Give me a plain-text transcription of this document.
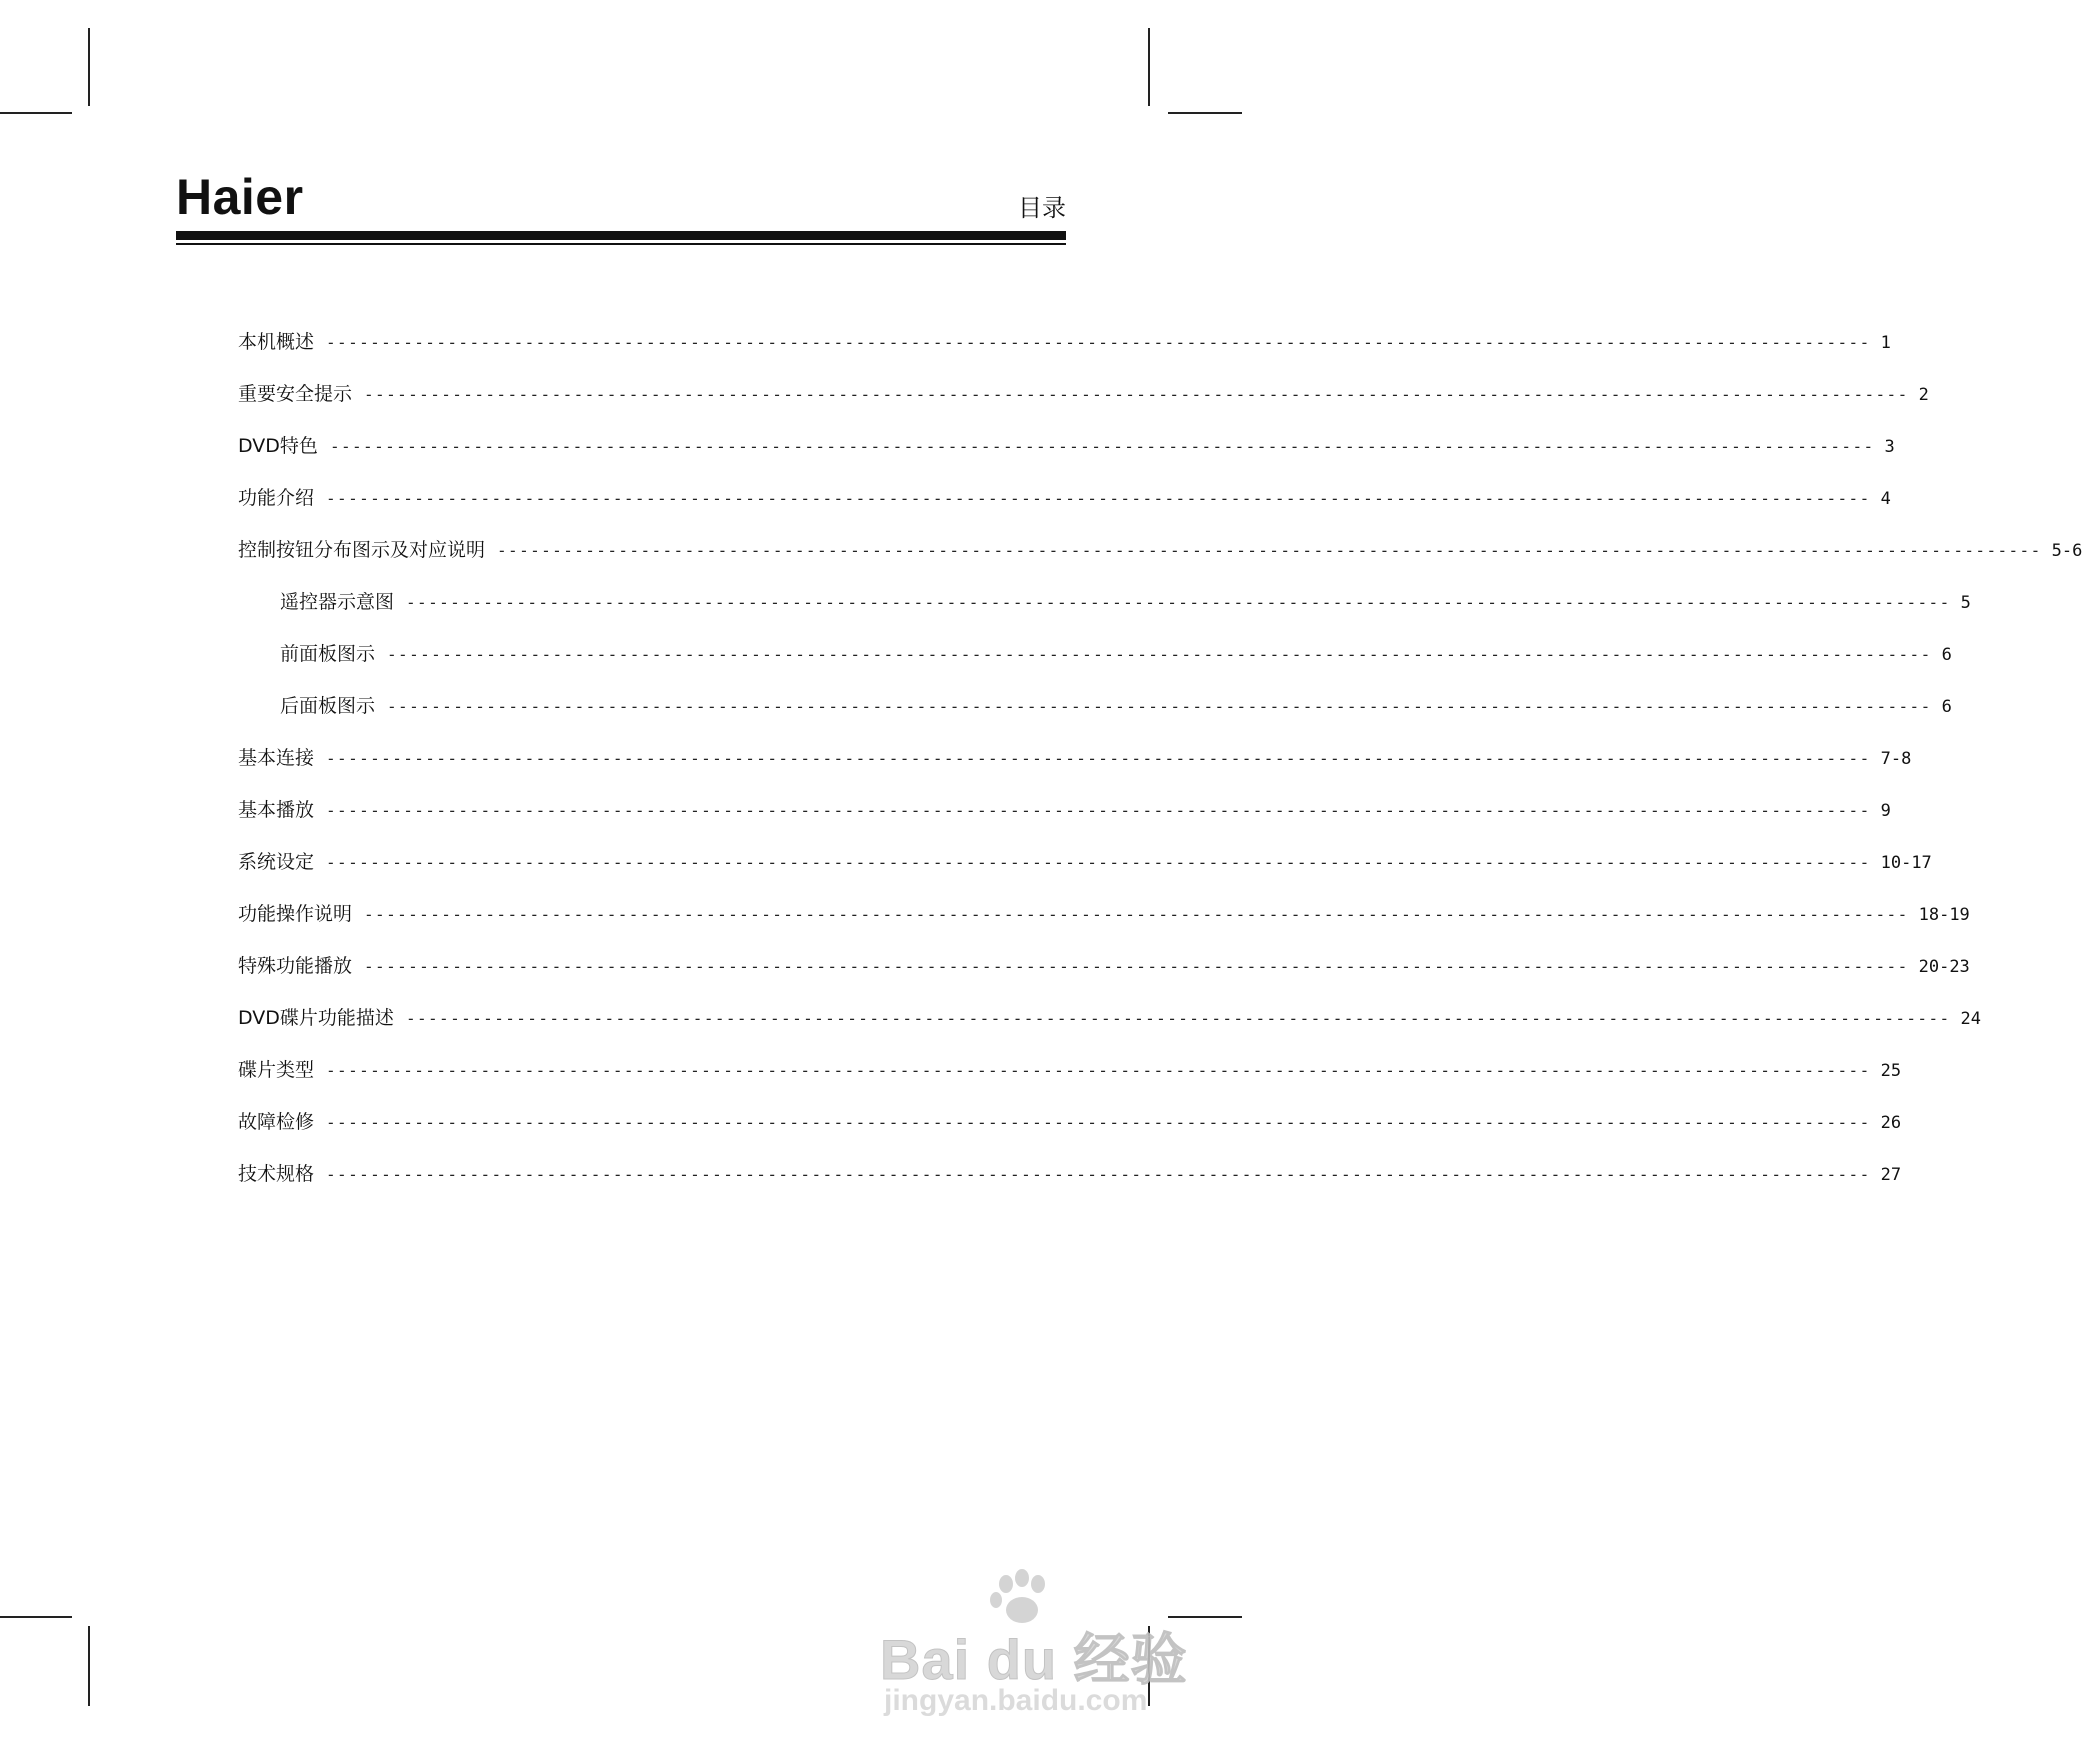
Haier	目录
本机概述 -------------------------------------------------------------------------------------------------------------------------------------------- 1
重要安全提示 -------------------------------------------------------------------------------------------------------------------------------------------- 2
DVD特色 -------------------------------------------------------------------------------------------------------------------------------------------- 3
功能介绍 -------------------------------------------------------------------------------------------------------------------------------------------- 4
控制按钮分布图示及对应说明 -------------------------------------------------------------------------------------------------------------------------------------------- 5-6
遥控器示意图 -------------------------------------------------------------------------------------------------------------------------------------------- 5
前面板图示 -------------------------------------------------------------------------------------------------------------------------------------------- 6
后面板图示 -------------------------------------------------------------------------------------------------------------------------------------------- 6
基本连接 -------------------------------------------------------------------------------------------------------------------------------------------- 7-8
基本播放 -------------------------------------------------------------------------------------------------------------------------------------------- 9
系统设定 -------------------------------------------------------------------------------------------------------------------------------------------- 10-17
功能操作说明 -------------------------------------------------------------------------------------------------------------------------------------------- 18-19
特殊功能播放 -------------------------------------------------------------------------------------------------------------------------------------------- 20-23
DVD碟片功能描述 -------------------------------------------------------------------------------------------------------------------------------------------- 24
碟片类型 -------------------------------------------------------------------------------------------------------------------------------------------- 25
故障检修 -------------------------------------------------------------------------------------------------------------------------------------------- 26
技术规格 -------------------------------------------------------------------------------------------------------------------------------------------- 27
Bai du 经验
jingyan.baidu.com
